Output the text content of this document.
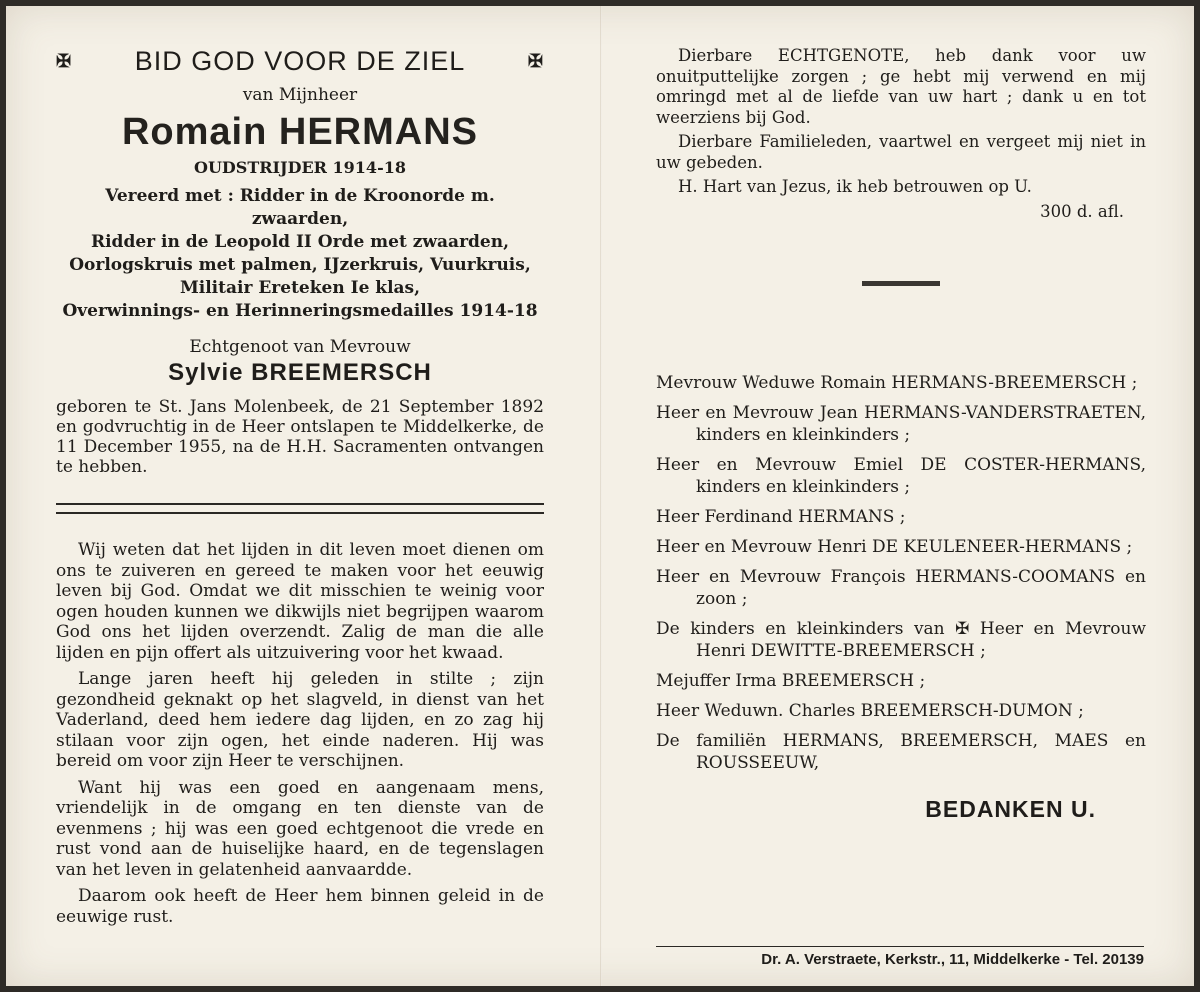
✠ BID GOD VOOR DE ZIEL	✠

van Mijnheer

Romain HERMANS
OUDSTRIJDER 1914-18
Vereerd met : Ridder in de Kroonorde m. zwaarden,
Ridder in de Leopold II Orde met zwaarden,
Oorlogskruis met palmen, IJzerkruis, Vuurkruis,
Militair Ereteken Ie klas,
Overwinnings- en Herinneringsmedailles 1914-18

Echtgenoot van Mevrouw

Sylvie BREEMERSCH

geboren te St. Jans Molenbeek, de 21 September 1892 en godvruchtig in de Heer ontslapen te Middelkerke, de 11 December 1955, na de H.H. Sacramenten ontvangen te hebben.

Wij weten dat het lijden in dit leven moet dienen om ons te zuiveren en gereed te maken voor het eeuwig leven bij God. Omdat we dit misschien te weinig voor ogen houden kunnen we dikwijls niet begrijpen waarom God ons het lijden overzendt. Zalig de man die alle lijden en pijn offert als uitzuivering voor het kwaad.

Lange jaren heeft hij geleden in stilte ; zijn gezondheid geknakt op het slagveld, in dienst van het Vaderland, deed hem iedere dag lijden, en zo zag hij stilaan voor zijn ogen, het einde naderen. Hij was bereid om voor zijn Heer te verschijnen.

Want hij was een goed en aangenaam mens, vriendelijk in de omgang en ten dienste van de evenmens ; hij was een goed echtgenoot die vrede en rust vond aan de huiselijke haard, en de tegenslagen van het leven in gelatenheid aanvaardde.

Daarom ook heeft de Heer hem binnen geleid in de eeuwige rust.

Dierbare ECHTGENOTE, heb dank voor uw onuitputtelijke zorgen ; ge hebt mij verwend en mij omringd met al de liefde van uw hart ; dank u en tot weerziens bij God.

Dierbare Familieleden, vaartwel en vergeet mij niet in uw gebeden.

H. Hart van Jezus, ik heb betrouwen op U.

300 d. afl.

Mevrouw Weduwe Romain HERMANS-BREEMERSCH ;

Heer en Mevrouw Jean HERMANS-VANDERSTRAETEN, kinders en kleinkinders ;

Heer en Mevrouw Emiel DE COSTER-HERMANS, kinders en kleinkinders ;

Heer Ferdinand HERMANS ;

Heer en Mevrouw Henri DE KEULENEER-HERMANS ;

Heer en Mevrouw François HERMANS-COOMANS en zoon ;

De kinders en kleinkinders van ✠ Heer en Mevrouw Henri DEWITTE-BREEMERSCH ;

Mejuffer Irma BREEMERSCH ;

Heer Weduwn. Charles BREEMERSCH-DUMON ;

De familiën HERMANS, BREEMERSCH, MAES en ROUSSEEUW,

BEDANKEN U.
Dr. A. Verstraete, Kerkstr., 11, Middelkerke - Tel. 20139
